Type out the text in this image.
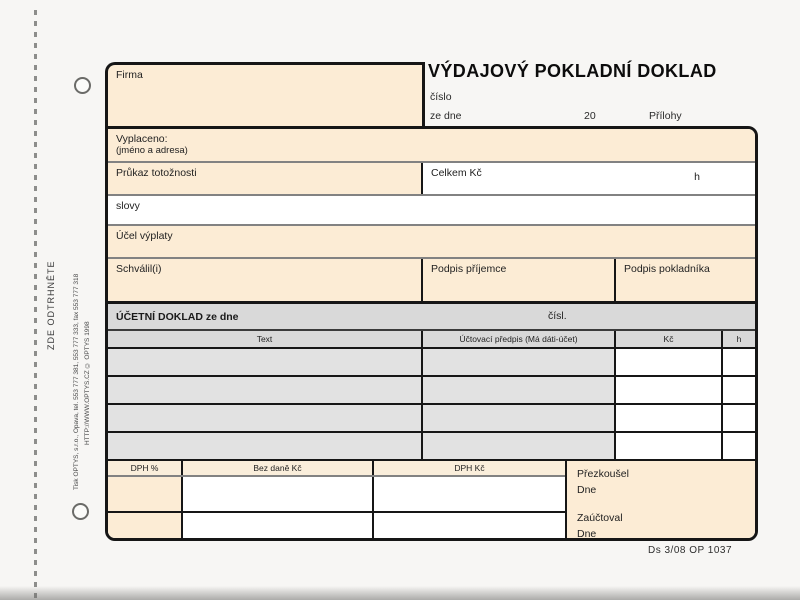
ZDE ODTRHNĚTE	Tisk OPTYS, s.r.o., Opava, tel. 553 777 381, 553 777 333, fax 553 777 318 HTTP://WWW.OPTYS.CZ © OPTYS 1998
Firma	VÝDAJOVÝ POKLADNÍ DOKLAD
číslo
ze dne	20	Přílohy
Vyplaceno:
(jméno a adresa)
Průkaz totožnosti	Celkem Kč	h
slovy
Účel výplaty
Schválil(i)	Podpis příjemce	Podpis pokladníka
ÚČETNÍ DOKLAD ze dne	čísl.
Text	Účtovací předpis (Má dáti-účet)	Kč	h
DPH %	Bez daně Kč	DPH Kč	Přezkoušel
Dne
Zaúčtoval
Dne
Ds 3/08 OP 1037
